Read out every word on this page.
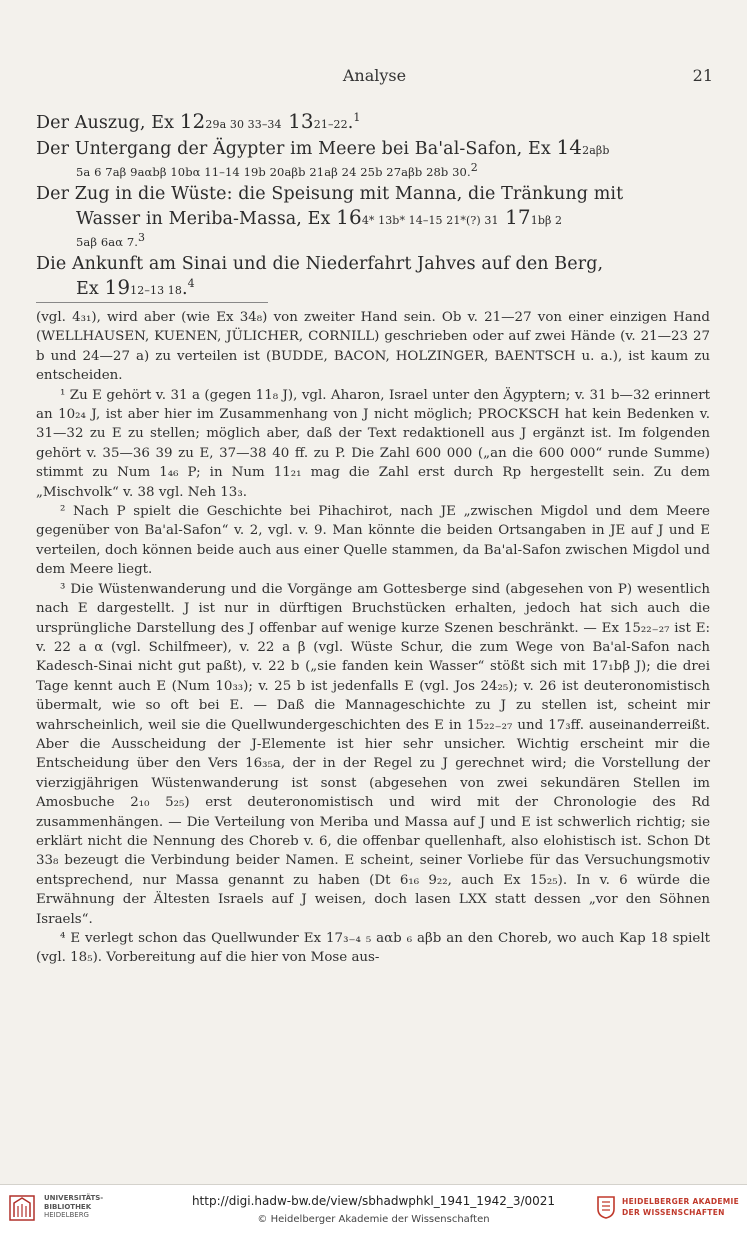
Analyse	21
Der Auszug, Ex 1229a 30 33–34 1321–22.$^1$
Der Untergang der Ägypter im Meere bei Ba'al-Safon, Ex 142aβb
5a 6 7aβ 9aαbβ 10bα 11–14 19b 20aβb 21aβ 24 25b 27aβb 28b 30.$^2$
Der Zug in die Wüste: die Speisung mit Manna, die Tränkung mit
Wasser in Meriba-Massa, Ex 164* 13b* 14–15 21*(?) 31 171bβ 2
5aβ 6aα 7.$^3$
Die Ankunft am Sinai und die Niederfahrt Jahves auf den Berg,
Ex 1912–13 18.$^4$

(vgl. 4₃₁), wird aber (wie Ex 34₈) von zweiter Hand sein. Ob v. 21—27 von einer einzigen Hand (WELLHAUSEN, KUENEN, JÜLICHER, CORNILL) geschrieben oder auf zwei Hände (v. 21—23 27 b und 24—27 a) zu verteilen ist (BUDDE, BACON, HOLZINGER, BAENTSCH u. a.), ist kaum zu entscheiden.

¹ Zu E gehört v. 31 a (gegen 11₈ J), vgl. Aharon, Israel unter den Ägyptern; v. 31 b—32 erinnert an 10₂₄ J, ist aber hier im Zusammenhang von J nicht möglich; PROCKSCH hat kein Bedenken v. 31—32 zu E zu stellen; möglich aber, daß der Text redaktionell aus J ergänzt ist. Im folgenden gehört v. 35—36 39 zu E, 37—38 40 ff. zu P. Die Zahl 600 000 („an die 600 000“ runde Summe) stimmt zu Num 1₄₆ P; in Num 11₂₁ mag die Zahl erst durch Rp hergestellt sein. Zu dem „Mischvolk“ v. 38 vgl. Neh 13₃.

² Nach P spielt die Geschichte bei Pihachirot, nach JE „zwischen Migdol und dem Meere gegenüber von Ba'al-Safon“ v. 2, vgl. v. 9. Man könnte die beiden Ortsangaben in JE auf J und E verteilen, doch können beide auch aus einer Quelle stammen, da Ba'al-Safon zwischen Migdol und dem Meere liegt.

³ Die Wüstenwanderung und die Vorgänge am Gottesberge sind (abgesehen von P) wesentlich nach E dargestellt. J ist nur in dürftigen Bruchstücken erhalten, jedoch hat sich auch die ursprüngliche Darstellung des J offenbar auf wenige kurze Szenen beschränkt. — Ex 15₂₂₋₂₇ ist E: v. 22 a α (vgl. Schilfmeer), v. 22 a β (vgl. Wüste Schur, die zum Wege von Ba'al-Safon nach Kadesch-Sinai nicht gut paßt), v. 22 b („sie fanden kein Wasser“ stößt sich mit 17₁bβ J); die drei Tage kennt auch E (Num 10₃₃); v. 25 b ist jedenfalls E (vgl. Jos 24₂₅); v. 26 ist deuteronomistisch übermalt, wie so oft bei E. — Daß die Mannageschichte zu J zu stellen ist, scheint mir wahrscheinlich, weil sie die Quellwundergeschichten des E in 15₂₂₋₂₇ und 17₃ff. auseinanderreißt. Aber die Ausscheidung der J-Elemente ist hier sehr unsicher. Wichtig erscheint mir die Entscheidung über den Vers 16₃₅a, der in der Regel zu J gerechnet wird; die Vorstellung der vierzigjährigen Wüstenwanderung ist sonst (abgesehen von zwei sekundären Stellen im Amosbuche 2₁₀ 5₂₅) erst deuteronomistisch und wird mit der Chronologie des Rd zusammenhängen. — Die Verteilung von Meriba und Massa auf J und E ist schwerlich richtig; sie erklärt nicht die Nennung des Choreb v. 6, die offenbar quellenhaft, also elohistisch ist. Schon Dt 33₈ bezeugt die Verbindung beider Namen. E scheint, seiner Vorliebe für das Versuchungsmotiv entsprechend, nur Massa genannt zu haben (Dt 6₁₆ 9₂₂, auch Ex 15₂₅). In v. 6 würde die Erwähnung der Ältesten Israels auf J weisen, doch lasen LXX statt dessen „vor den Söhnen Israels“.

⁴ E verlegt schon das Quellwunder Ex 17₃₋₄ ₅ aαb ₆ aβb an den Choreb, wo auch Kap 18 spielt (vgl. 18₅). Vorbereitung auf die hier von Mose aus-

UNIVERSITÄTS-
BIBLIOTHEK
HEIDELBERG
http://digi.hadw-bw.de/view/sbhadwphkl_1941_1942_3/0021
© Heidelberger Akademie der Wissenschaften
HEIDELBERGER AKADEMIE
DER WISSENSCHAFTEN
